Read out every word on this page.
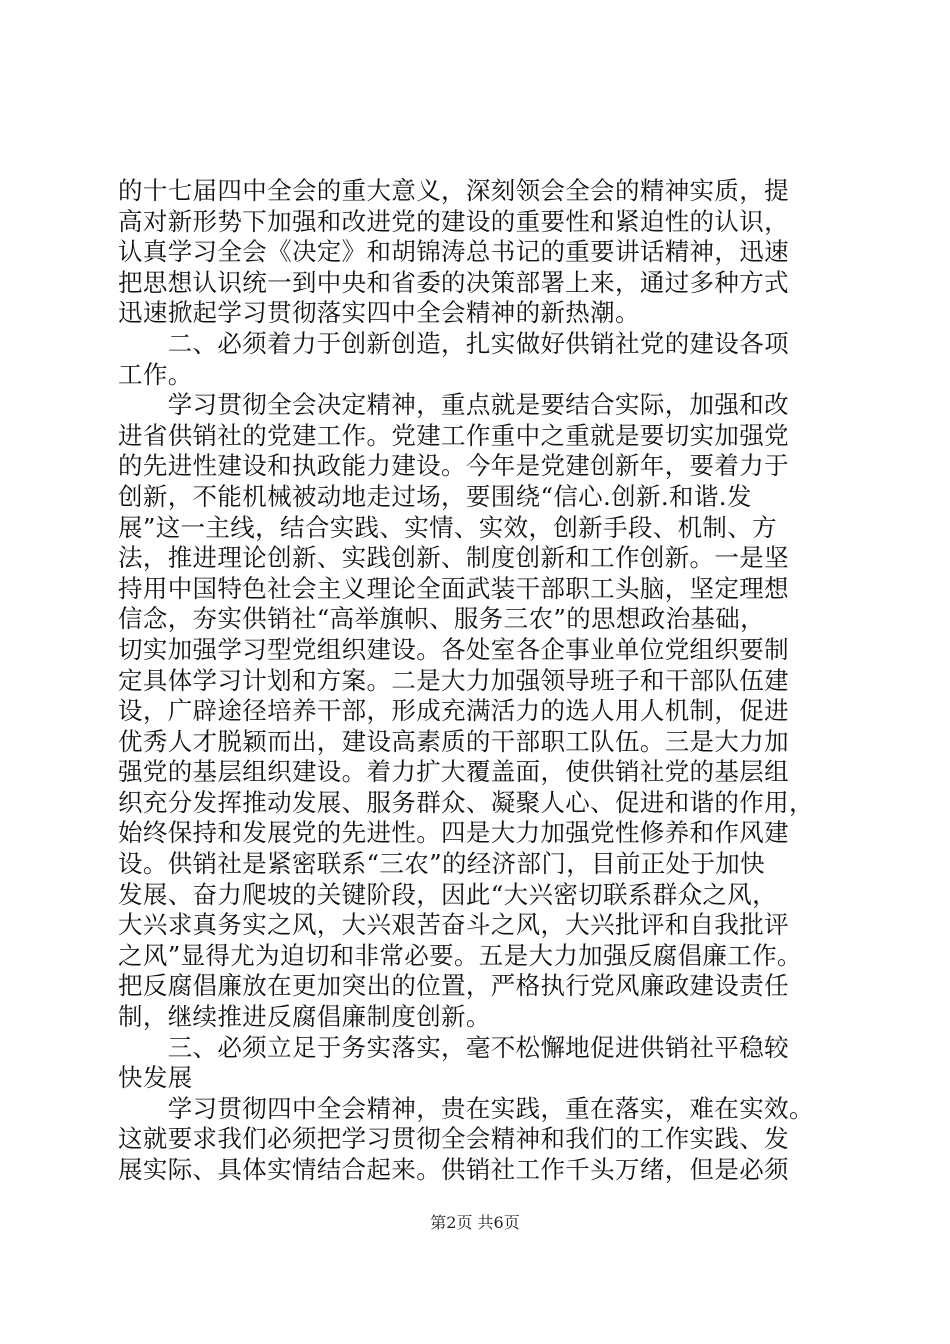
的十七届四中全会的重大意义，深刻领会全会的精神实质，提
高对新形势下加强和改进党的建设的重要性和紧迫性的认识，
认真学习全会《决定》和胡锦涛总书记的重要讲话精神，迅速
把思想认识统一到中央和省委的决策部署上来，通过多种方式
迅速掀起学习贯彻落实四中全会精神的新热潮。
　　二、必须着力于创新创造，扎实做好供销社党的建设各项
工作。
　　学习贯彻全会决定精神，重点就是要结合实际，加强和改
进省供销社的党建工作。党建工作重中之重就是要切实加强党
的先进性建设和执政能力建设。今年是党建创新年，要着力于
创新，不能机械被动地走过场，要围绕“信心.创新.和谐.发
展”这一主线，结合实践、实情、实效，创新手段、机制、方
法，推进理论创新、实践创新、制度创新和工作创新。一是坚
持用中国特色社会主义理论全面武装干部职工头脑，坚定理想
信念，夯实供销社“高举旗帜、服务三农”的思想政治基础，
切实加强学习型党组织建设。各处室各企事业单位党组织要制
定具体学习计划和方案。二是大力加强领导班子和干部队伍建
设，广辟途径培养干部，形成充满活力的选人用人机制，促进
优秀人才脱颖而出，建设高素质的干部职工队伍。三是大力加
强党的基层组织建设。着力扩大覆盖面，使供销社党的基层组
织充分发挥推动发展、服务群众、凝聚人心、促进和谐的作用，
始终保持和发展党的先进性。四是大力加强党性修养和作风建
设。供销社是紧密联系“三农”的经济部门，目前正处于加快
发展、奋力爬坡的关键阶段，因此“大兴密切联系群众之风，
大兴求真务实之风，大兴艰苦奋斗之风，大兴批评和自我批评
之风”显得尤为迫切和非常必要。五是大力加强反腐倡廉工作。
把反腐倡廉放在更加突出的位置，严格执行党风廉政建设责任
制，继续推进反腐倡廉制度创新。
　　三、必须立足于务实落实，毫不松懈地促进供销社平稳较
快发展
　　学习贯彻四中全会精神，贵在实践，重在落实，难在实效。
这就要求我们必须把学习贯彻全会精神和我们的工作实践、发
展实际、具体实情结合起来。供销社工作千头万绪，但是必须
第2页 共6页
